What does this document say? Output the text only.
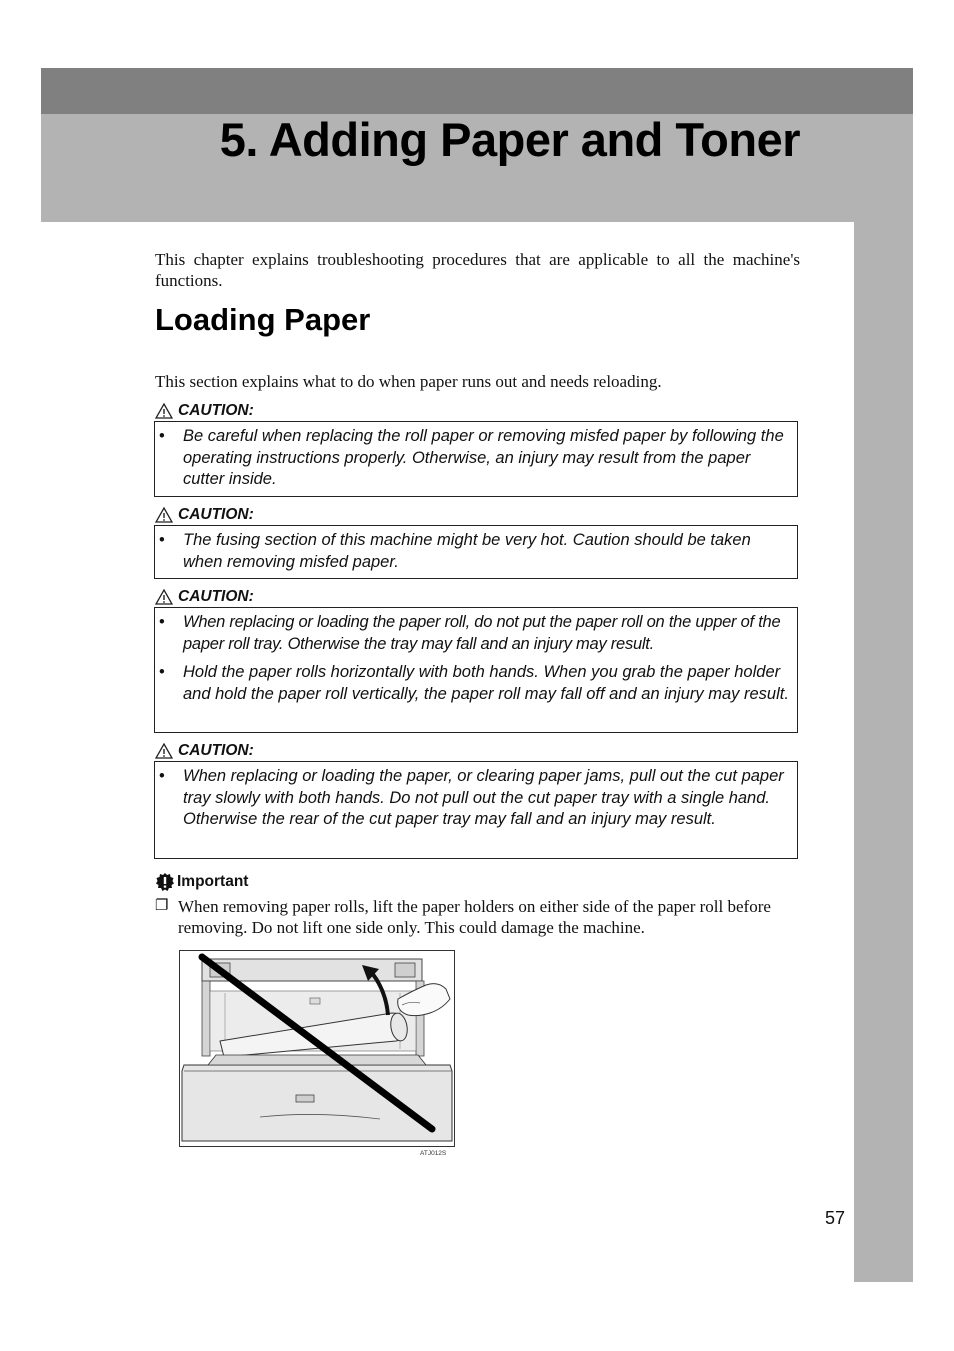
5. Adding Paper and Toner

This chapter explains troubleshooting procedures that are applicable to all the machine's functions.

Loading Paper

This section explains what to do when paper runs out and needs reloading.

CAUTION:
•	Be careful when replacing the roll paper or removing misfed paper by following the operating instructions properly. Otherwise, an injury may result from the paper cutter inside.
CAUTION:
•	The fusing section of this machine might be very hot. Caution should be taken when removing misfed paper.
CAUTION:
•	When replacing or loading the paper roll, do not put the paper roll on the upper of the paper roll tray. Otherwise the tray may fall and an injury may result.
•	Hold the paper rolls horizontally with both hands. When you grab the paper holder and hold the paper roll vertically, the paper roll may fall off and an injury may result.
CAUTION:
•	When replacing or loading the paper, or clearing paper jams, pull out the cut paper tray slowly with both hands. Do not pull out the cut paper tray with a single hand. Otherwise the rear of the cut paper tray may fall and an injury may result.
Important
❐ When removing paper rolls, lift the paper holders on either side of the paper roll before removing. Do not lift one side only. This could damage the machine.
ATJ012S
57
